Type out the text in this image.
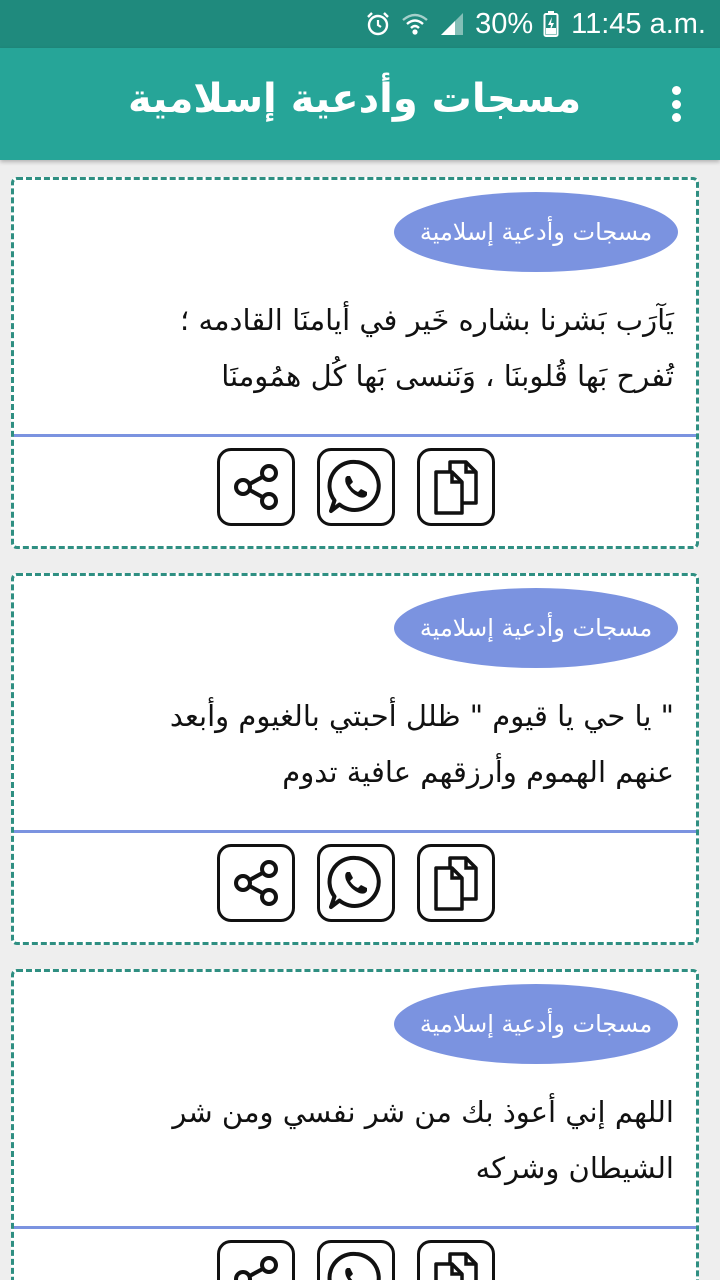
30% 11:45 a.m.
مسجات وأدعية إسلامية
مسجات وأدعية إسلامية
يَآرَب بَشرنا بشاره خَير في أيامنَا القادمه ؛
تُفرح بَها قُلوبنَا ، وَنَنسى بَها كُل همُومنَا
مسجات وأدعية إسلامية
" يا حي يا قيوم " ظلل أحبتي بالغيوم وأبعد
عنهم الهموم وأرزقهم عافية تدوم
مسجات وأدعية إسلامية
اللهم إني أعوذ بك من شر نفسي ومن شر
الشيطان وشركه
